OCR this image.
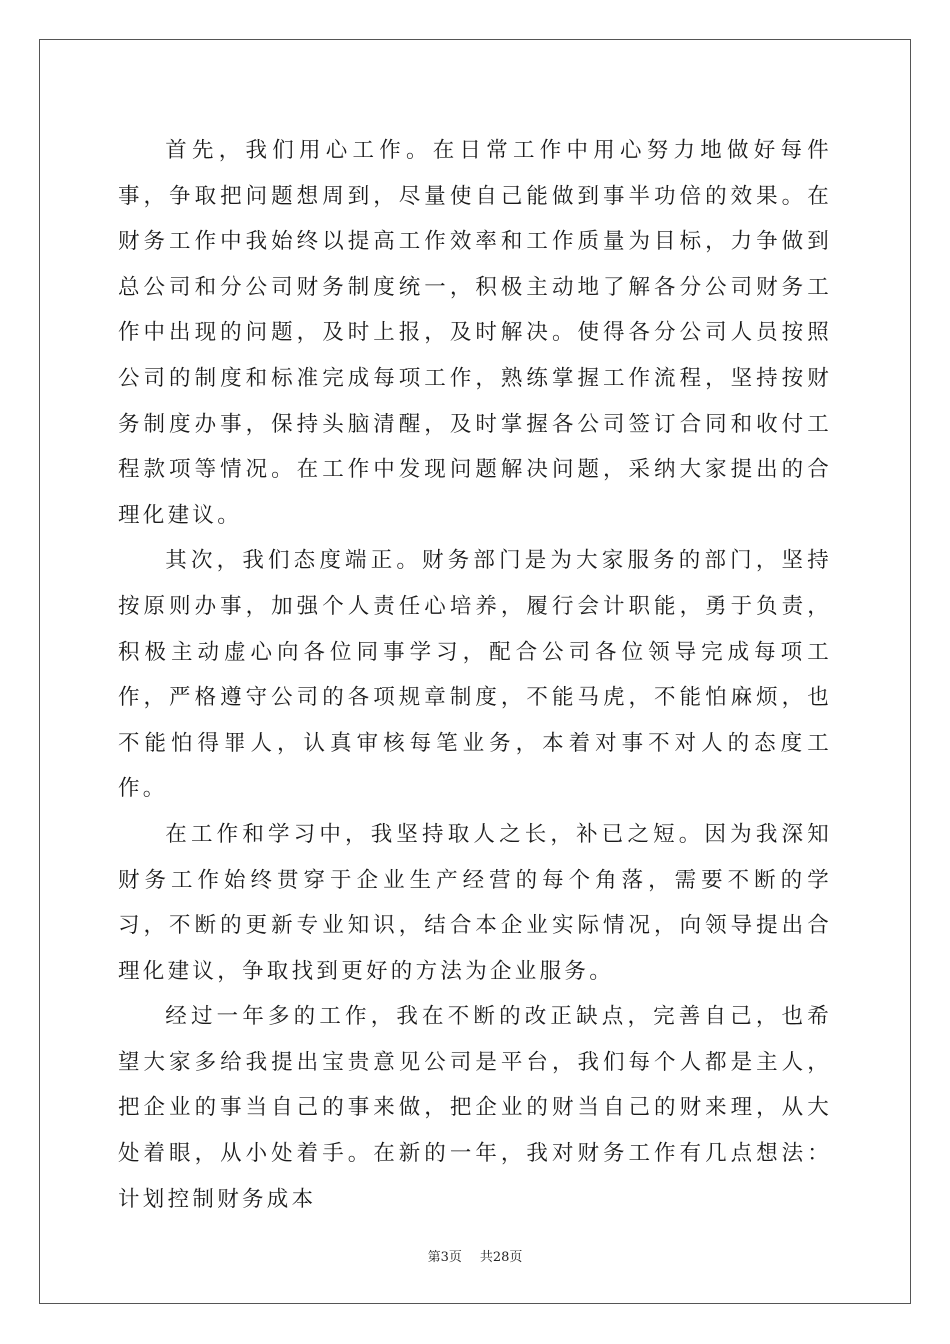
首先，我们用心工作。在日常工作中用心努力地做好每件事，争取把问题想周到，尽量使自己能做到事半功倍的效果。在财务工作中我始终以提高工作效率和工作质量为目标，力争做到总公司和分公司财务制度统一，积极主动地了解各分公司财务工作中出现的问题，及时上报，及时解决。使得各分公司人员按照公司的制度和标准完成每项工作，熟练掌握工作流程，坚持按财务制度办事，保持头脑清醒，及时掌握各公司签订合同和收付工程款项等情况。在工作中发现问题解决问题，采纳大家提出的合理化建议。

其次，我们态度端正。财务部门是为大家服务的部门，坚持按原则办事，加强个人责任心培养，履行会计职能，勇于负责，积极主动虚心向各位同事学习，配合公司各位领导完成每项工作，严格遵守公司的各项规章制度，不能马虎，不能怕麻烦，也不能怕得罪人，认真审核每笔业务，本着对事不对人的态度工作。

在工作和学习中，我坚持取人之长，补已之短。因为我深知财务工作始终贯穿于企业生产经营的每个角落，需要不断的学习，不断的更新专业知识，结合本企业实际情况，向领导提出合理化建议，争取找到更好的方法为企业服务。

经过一年多的工作，我在不断的改正缺点，完善自己，也希望大家多给我提出宝贵意见公司是平台，我们每个人都是主人，把企业的事当自己的事来做，把企业的财当自己的财来理，从大处着眼，从小处着手。在新的一年，我对财务工作有几点想法：计划控制财务成本

第3页 共28页
